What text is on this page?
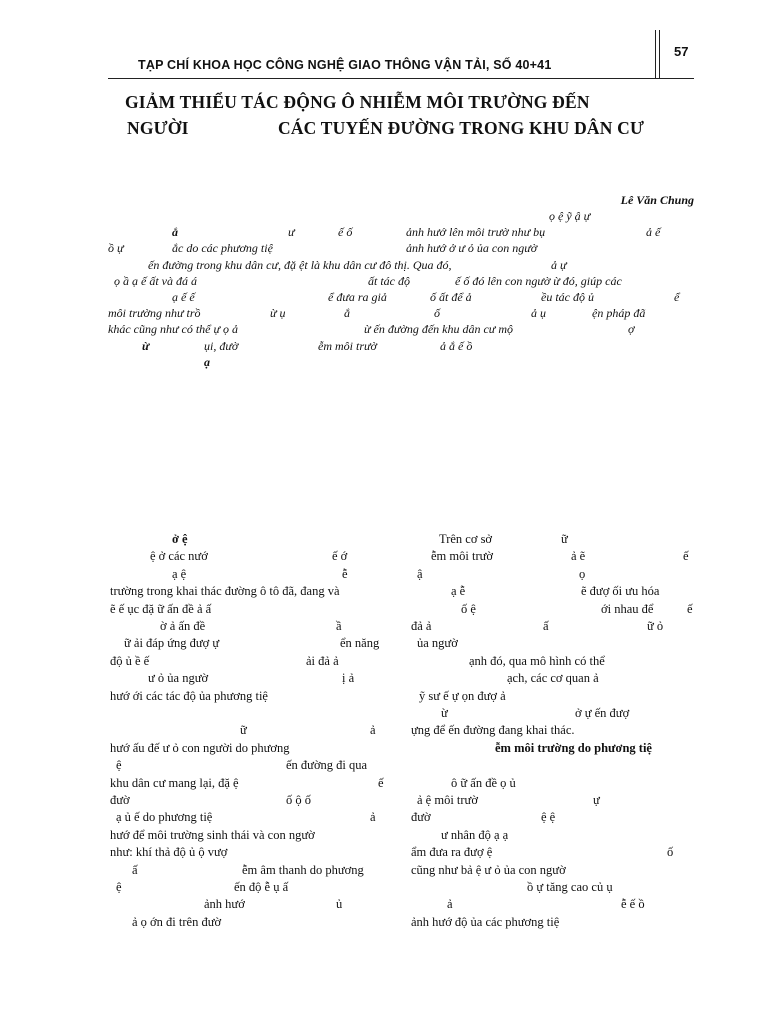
TẠP CHÍ KHOA HỌC CÔNG NGHỆ GIAO THÔNG VẬN TẢI, SỐ 40+41
57
GIẢM THIỂU TÁC ĐỘNG Ô NHIỄM MÔI TRƯỜNG ĐẾN
NGƯỜI	CÁC TUYẾN ĐƯỜNG TRONG KHU DÂN CƯ
Lê Văn Chung
ọ ệ ỹ ậ ự
ắ	ư	ế ố	ảnh hướ lên môi trườ như bụ	ả ế
ồ ự	ắc do các phương tiệ	ảnh hướ ở ư ỏ ủa con ngườ
ến đường trong khu dân cư, đặ ệt là khu dân cư đô thị. Qua đó,	ả ự
ọ ầ ạ ế ất và đá á	ất tác độ	ế ố đó lên con ngườ ừ đó, giúp các
ạ ế ế	ể đưa ra giả	ố ất để ả	ều tác độ ủ	ể
môi trường như trồ	ừ ụ	ắ	ố	ả ụ	ện pháp đã
khác cũng như có thể ự ọ ả	ừ ến đường đến khu dân cư mộ	ợ
ừ	ụi, đườ	ễm môi trườ	ả ắ ế ồ
ạ
ở ệ
ệ ở các nướ	ế ớ
ạ ệ	ễ
trường trong khai thác đường ô tô đã, đang và
ẽ ế ục đặ ữ ấn đề ả ấ
ờ ả ấn đề	ầ
ữ ải đáp ứng đượ ự	ển năng
độ ủ ề ế	ải đả ả
ư ỏ ủa ngườ	ị ả
hướ ới các tác độ ủa phương tiệ
ữ	ả
hướ ấu đế ư ỏ con người do phương
ệ	ến đường đi qua
khu dân cư mang lại, đặ ệ	ế
đườ	ố ộ ố
ạ ủ ế do phương tiệ	ả
hướ để môi trường sinh thái và con ngườ
như: khí thả độ ủ ộ vượ
ấ	ễm âm thanh do phương
ệ	ến độ ễ ụ ấ
ảnh hướ	ủ
ả ọ ớn đi trên đườ
Trên cơ sở	ữ
ễm môi trườ	ả ẽ	ế
ậ	ọ
ạ ễ	ẽ đượ ối ưu hóa
ố ệ	ới nhau để	ế
đả ả	ấ	ữ ỏ
ủa ngườ
ạnh đó, qua mô hình có thể
ạch, các cơ quan ả
ỹ sư ế ự ọn đượ ả
ừ	ở ự ến đượ
ựng để ến đường đang khai thác.
ễm môi trường do phương tiệ
ô ữ ấn đề ọ ủ
ả ệ môi trườ	ự
đườ	ệ ệ
ư nhân độ ạ ạ
ẩm đưa ra đượ ệ	ố
cũng như bả ệ ư ỏ ủa con ngườ
ồ ự tăng cao củ ụ
ả	ễ ế ồ
ảnh hướ độ ủa các phương tiệ
